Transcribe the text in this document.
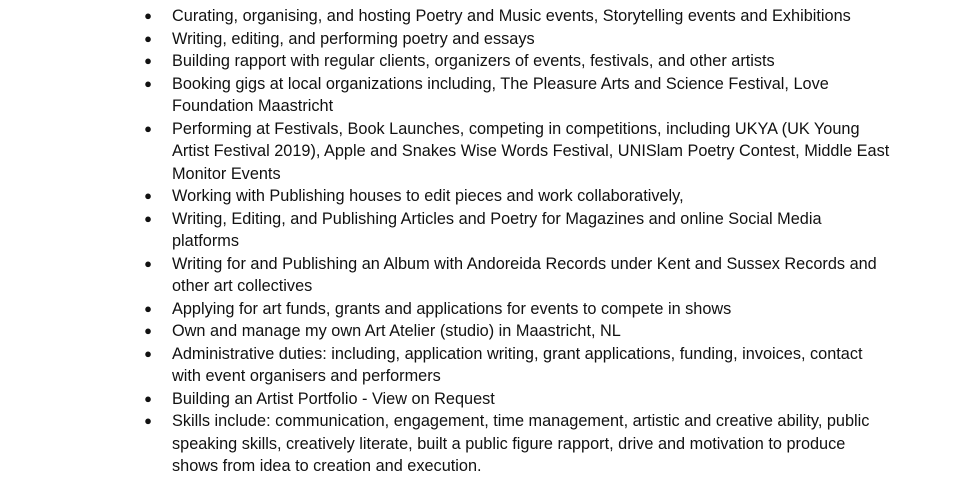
● Curating, organising, and hosting Poetry and Music events, Storytelling events and Exhibitions
● Writing, editing, and performing poetry and essays
● Building rapport with regular clients, organizers of events, festivals, and other artists
● Booking gigs at local organizations including, The Pleasure Arts and Science Festival, Love Foundation Maastricht
● Performing at Festivals, Book Launches, competing in competitions, including UKYA (UK Young Artist Festival 2019), Apple and Snakes Wise Words Festival, UNISlam Poetry Contest, Middle East Monitor Events
● Working with Publishing houses to edit pieces and work collaboratively,
● Writing, Editing, and Publishing Articles and Poetry for Magazines and online Social Media platforms
● Writing for and Publishing an Album with Andoreida Records under Kent and Sussex Records and other art collectives
● Applying for art funds, grants and applications for events to compete in shows
● Own and manage my own Art Atelier (studio) in Maastricht, NL
● Administrative duties: including, application writing, grant applications, funding, invoices, contact with event organisers and performers
● Building an Artist Portfolio - View on Request
● Skills include: communication, engagement, time management, artistic and creative ability, public speaking skills, creatively literate, built a public figure rapport, drive and motivation to produce shows from idea to creation and execution.
